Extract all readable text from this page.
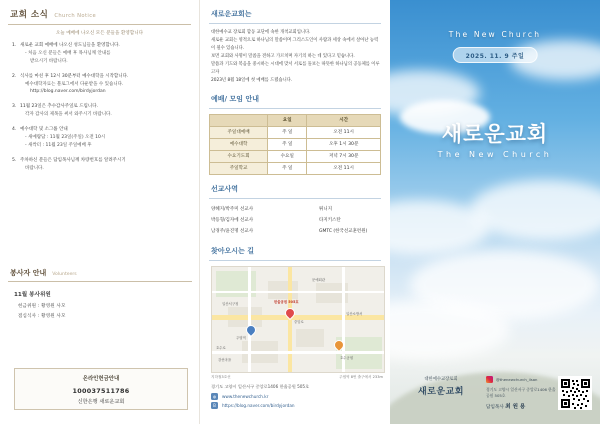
교회 소식 Church Notice
오늘 예배에 나오신 모든 분들을 환영합니다
1. 새로운 교회 예배에 나오신 성도님들을 환영합니다.
- 처음 오신 분들은 예배 후 목사님께 안내를
받으시기 바랍니다.
2. 식사를 마친 후 12시 30분부터 예수대학을 시작합니다.
예수대학자료는 블로그에서 다운받을 수 있습니다.
http://blog.naver.com/birdyjordan
3. 11월 23일은 추수감사주일로 드립니다.
각자 감사의 제목을 써서 와주시기 바랍니다.
4. 예수대학 및 소그룹 안내
- 새예람담 : 11월 23일(주일) 오전 10시
- 새싹터 : 11월 23일 주일예배 후
5. 주차하신 분들은 담임목사님께 차량번호를 알려주시기
바랍니다.
봉사자 안내 Volunteers
11월 봉사위원
헌금위원 : 황영원 사모
점심식사 : 황영원 사모
온라인헌금안내
100037511786
신한은행 새로운교회
새로운교회는

대한예수교 장로회 합동 교단에 속한 개척교회입니다.

새로운 교회는 영적으로 하나님의 말씀이며 그리스도인이 사람과 세상 속에서 살아난 능력이 될수 있습니다.

보면 교회와 사명이 말씀을 전하고 가르치며 자기의 하는 데 있다고 믿습니다.

말씀과 기도와 복음을 중시하는 시대에 맞서 서로를 돌보는 따뜻한 하나님의 공동체를 이루고자

2023년 8월 18일에 첫 예배를 드렸습니다.

예배/ 모임 안내
	요일	시간
주일대예배	주 일	오전 11시
예수대학	주 일	오후 1시 30분
수요기도회	수요일	저녁 7시 30분
주일학교	주 일	오전 11시
선교사역
양혜지/박주미 선교사	튀니지
박등형/김자에 선교사	타지키스탄
남경주/윤진명 선교사	GMTC (한국선교훈련원)
찾아오시는 길
일산서구청
주엽역
문예회관
강선마을	호수공원
한울공원 505호
일산소방서
중앙로
호수로
지하철3호선	주엽역 8번 출구에서 233m
경기도 고양시 일산서구 중앙로1406 한울공원 505호
◍	www.thenewchurch.kr
B	https://blog.naver.com/birdyjordan
The New Church
2025. 11. 9 주일
새로운교회
The New Church
대한예수교장로회
새로운교회
@thenewchurch_ilsan
경기도 고양시 일산서구 중앙로1406 한울공원 505호
담임목사 최 원 용
